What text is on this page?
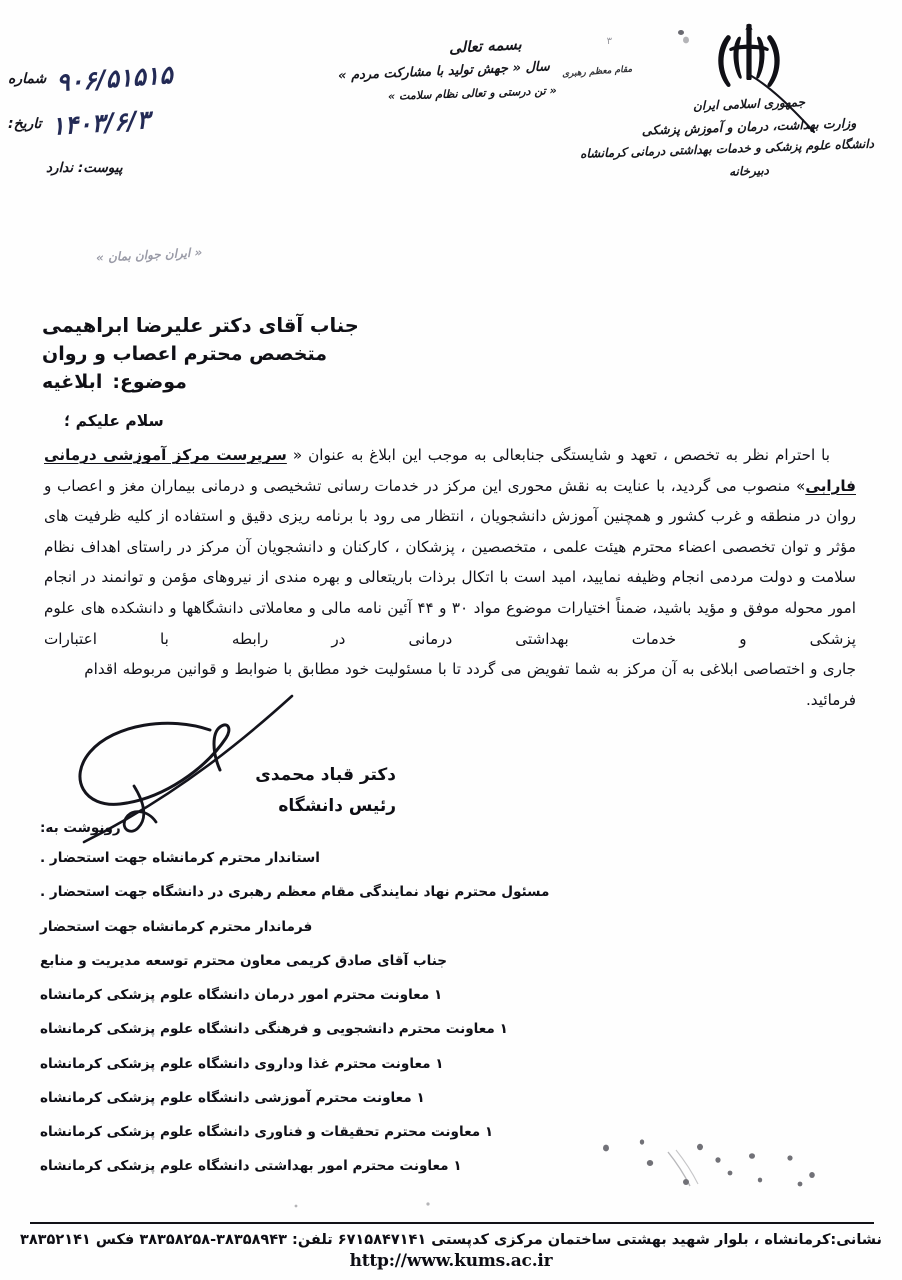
شماره ۹۰۶/۵۱۵۱۵
تاریخ: ۱۴۰۳/۶/۳
پیوست: ندارد
بسمه تعالی
سال « جهش تولید با مشارکت مردم » مقام معظم رهبری
« تن درستی و تعالی نظام سلامت »
جمهوری اسلامی ایران
وزارت بهداشت، درمان و آموزش پزشکی
دانشگاه علوم پزشکی و خدمات بهداشتی درمانی کرمانشاه
دبیرخانه
٣
« ایران جوان بمان »
جناب آقای دکتر علیرضا ابراهیمی
متخصص محترم اعصاب و روان
موضوع:ابلاغیه
سلام علیکم ؛
با احترام نظر به تخصص ، تعهد و شایستگی جنابعالی به موجب این ابلاغ به عنوان « سرپرست مرکز آموزشی درمانی فارابی» منصوب می گردید، با عنایت به نقش محوری این مرکز در خدمات رسانی تشخیصی و درمانی بیماران مغز و اعصاب و روان در منطقه و غرب کشور و همچنین آموزش دانشجویان ، انتظار می رود با برنامه ریزی دقیق و استفاده از کلیه ظرفیت های مؤثر و توان تخصصی اعضاء محترم هیئت علمی ، متخصصین ، پزشکان ، کارکنان و دانشجویان آن مرکز در راستای اهداف نظام سلامت و دولت مردمی انجام وظیفه نمایید، امید است با اتکال برذات باریتعالی و بهره مندی از نیروهای مؤمن و توانمند در انجام امور محوله موفق و مؤید باشید، ضمناً اختیارات موضوع مواد ۳۰ و ۴۴ آئین نامه مالی و معاملاتی دانشگاهها و دانشکده های علوم پزشکی و خدمات بهداشتی درمانی در رابطه با اعتبارات
جاری و اختصاصی ابلاغی به آن مرکز به شما تفویض می گردد تا با مسئولیت خود مطابق با ضوابط و قوانین مربوطه اقدام فرمائید.
دکتر قباد محمدی
رئیس دانشگاه
رونوشت به:
استاندار محترم کرمانشاه جهت استحضار .
مسئول محترم نهاد نمایندگی مقام معظم رهبری در دانشگاه جهت استحضار .
فرماندار محترم کرمانشاه جهت استحضار
جناب آقای صادق کریمی معاون محترم توسعه مدیریت و منابع
١ معاونت محترم امور درمان دانشگاه علوم پزشکی کرمانشاه
١ معاونت محترم دانشجویی و فرهنگی دانشگاه علوم پزشکی کرمانشاه
١ معاونت محترم غذا وداروی دانشگاه علوم پزشکی کرمانشاه
١ معاونت محترم آموزشی دانشگاه علوم پزشکی کرمانشاه
١ معاونت محترم تحقیقات و فناوری دانشگاه علوم پزشکی کرمانشاه
١ معاونت محترم امور بهداشتی دانشگاه علوم پزشکی کرمانشاه
نشانی:کرمانشاه ، بلوار شهید بهشتی ساختمان مرکزی کدپستی ۶۷۱۵۸۴۷۱۴۱ تلفن: ۳۸۳۵۸۹۴۳-۳۸۳۵۸۲۵۸ فکس ۳۸۳۵۲۱۴۱
http://www.kums.ac.ir
